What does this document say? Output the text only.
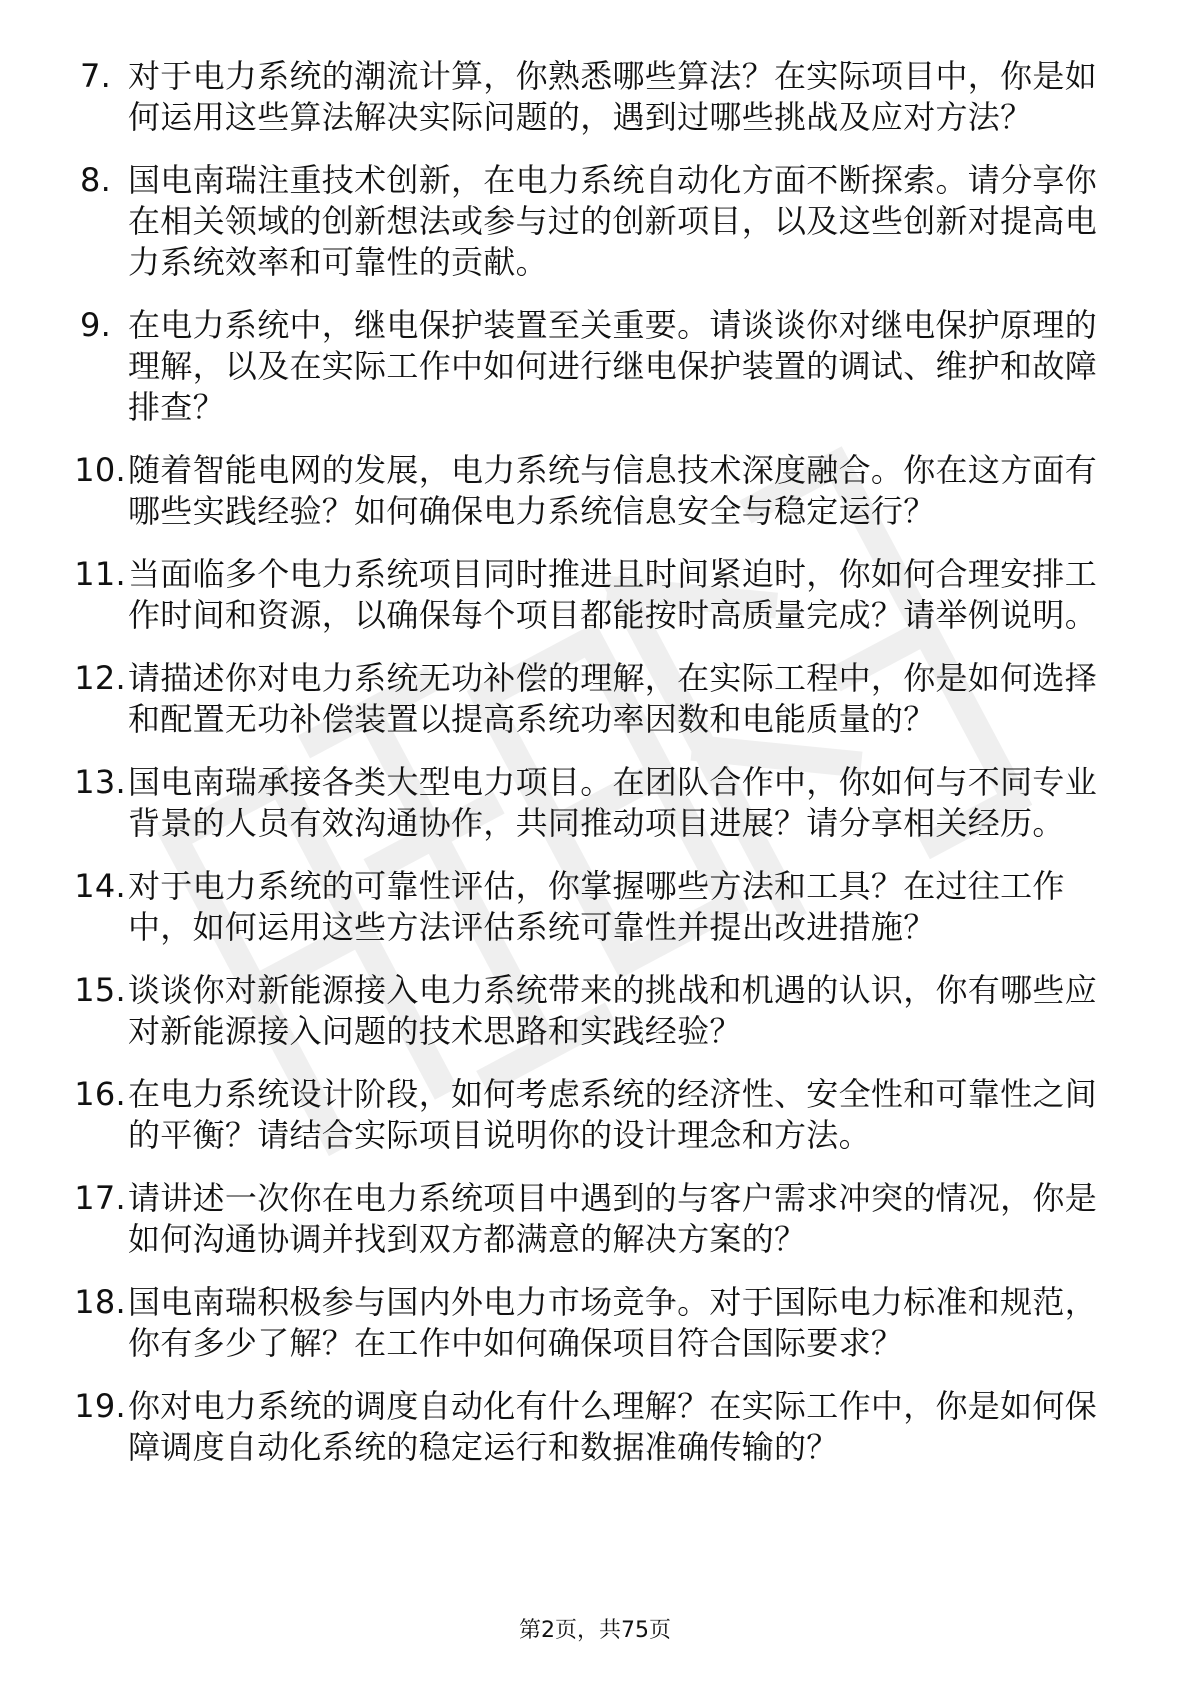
7. 对于电力系统的潮流计算，你熟悉哪些算法？在实际项目中，你是如何运用这些算法解决实际问题的，遇到过哪些挑战及应对方法？
8. 国电南瑞注重技术创新，在电力系统自动化方面不断探索。请分享你在相关领域的创新想法或参与过的创新项目，以及这些创新对提高电力系统效率和可靠性的贡献。
9. 在电力系统中，继电保护装置至关重要。请谈谈你对继电保护原理的理解，以及在实际工作中如何进行继电保护装置的调试、维护和故障排查？
10. 随着智能电网的发展，电力系统与信息技术深度融合。你在这方面有哪些实践经验？如何确保电力系统信息安全与稳定运行？
11. 当面临多个电力系统项目同时推进且时间紧迫时，你如何合理安排工作时间和资源，以确保每个项目都能按时高质量完成？请举例说明。
12. 请描述你对电力系统无功补偿的理解，在实际工程中，你是如何选择和配置无功补偿装置以提高系统功率因数和电能质量的？
13. 国电南瑞承接各类大型电力项目。在团队合作中，你如何与不同专业背景的人员有效沟通协作，共同推动项目进展？请分享相关经历。
14. 对于电力系统的可靠性评估，你掌握哪些方法和工具？在过往工作中，如何运用这些方法评估系统可靠性并提出改进措施？
15. 谈谈你对新能源接入电力系统带来的挑战和机遇的认识，你有哪些应对新能源接入问题的技术思路和实践经验？
16. 在电力系统设计阶段，如何考虑系统的经济性、安全性和可靠性之间的平衡？请结合实际项目说明你的设计理念和方法。
17. 请讲述一次你在电力系统项目中遇到的与客户需求冲突的情况，你是如何沟通协调并找到双方都满意的解决方案的？
18. 国电南瑞积极参与国内外电力市场竞争。对于国际电力标准和规范，你有多少了解？在工作中如何确保项目符合国际要求？
19. 你对电力系统的调度自动化有什么理解？在实际工作中，你是如何保障调度自动化系统的稳定运行和数据准确传输的？
第2页，共75页
